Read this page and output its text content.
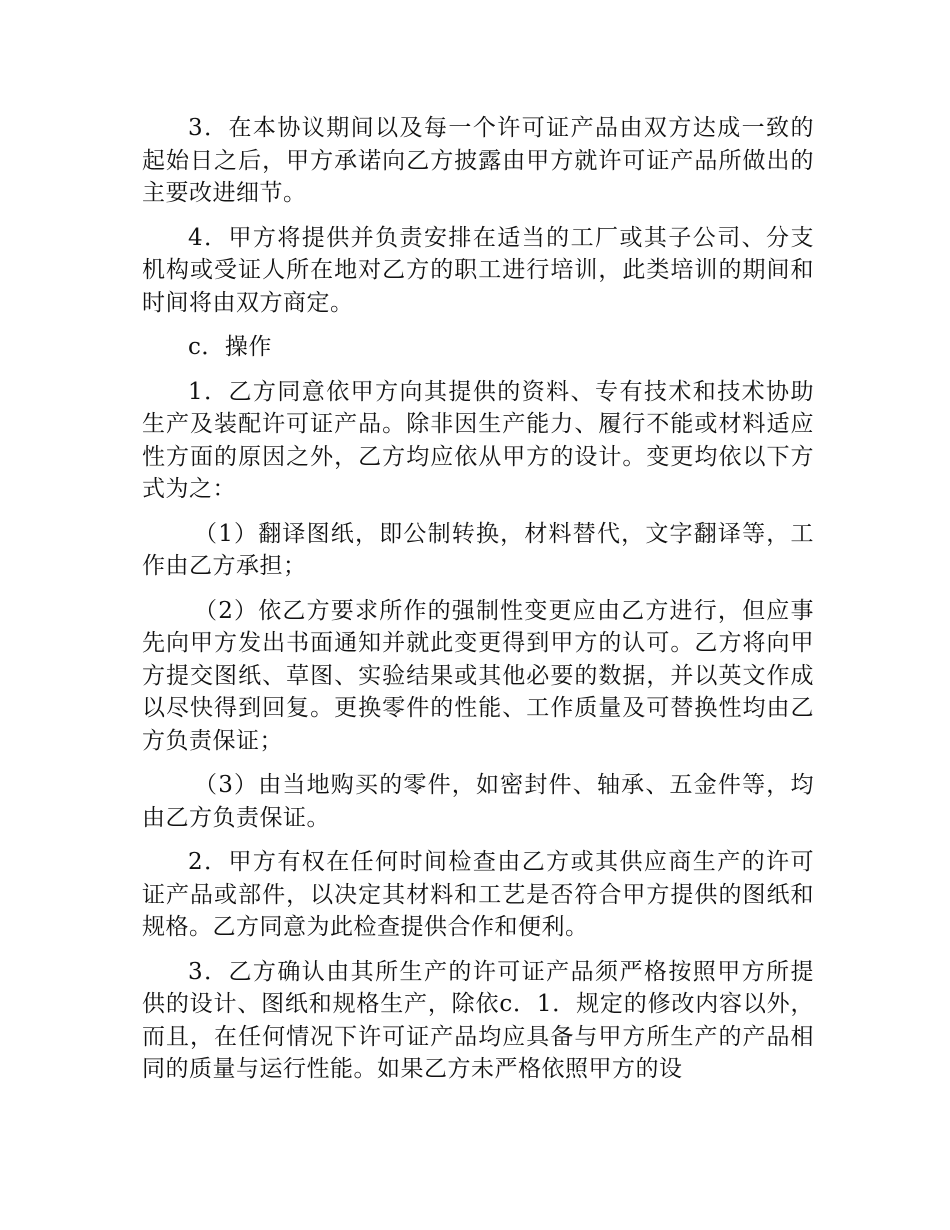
3．在本协议期间以及每一个许可证产品由双方达成一致的起始日之后，甲方承诺向乙方披露由甲方就许可证产品所做出的主要改进细节。

4．甲方将提供并负责安排在适当的工厂或其子公司、分支机构或受证人所在地对乙方的职工进行培训，此类培训的期间和时间将由双方商定。

c．操作

1．乙方同意依甲方向其提供的资料、专有技术和技术协助生产及装配许可证产品。除非因生产能力、履行不能或材料适应性方面的原因之外，乙方均应依从甲方的设计。变更均依以下方式为之：

（1）翻译图纸，即公制转换，材料替代，文字翻译等，工作由乙方承担；

（2）依乙方要求所作的强制性变更应由乙方进行，但应事先向甲方发出书面通知并就此变更得到甲方的认可。乙方将向甲方提交图纸、草图、实验结果或其他必要的数据，并以英文作成以尽快得到回复。更换零件的性能、工作质量及可替换性均由乙方负责保证；

（3）由当地购买的零件，如密封件、轴承、五金件等，均由乙方负责保证。

2．甲方有权在任何时间检查由乙方或其供应商生产的许可证产品或部件，以决定其材料和工艺是否符合甲方提供的图纸和规格。乙方同意为此检查提供合作和便利。

3．乙方确认由其所生产的许可证产品须严格按照甲方所提供的设计、图纸和规格生产，除依c．1．规定的修改内容以外，而且，在任何情况下许可证产品均应具备与甲方所生产的产品相同的质量与运行性能。如果乙方未严格依照甲方的设
